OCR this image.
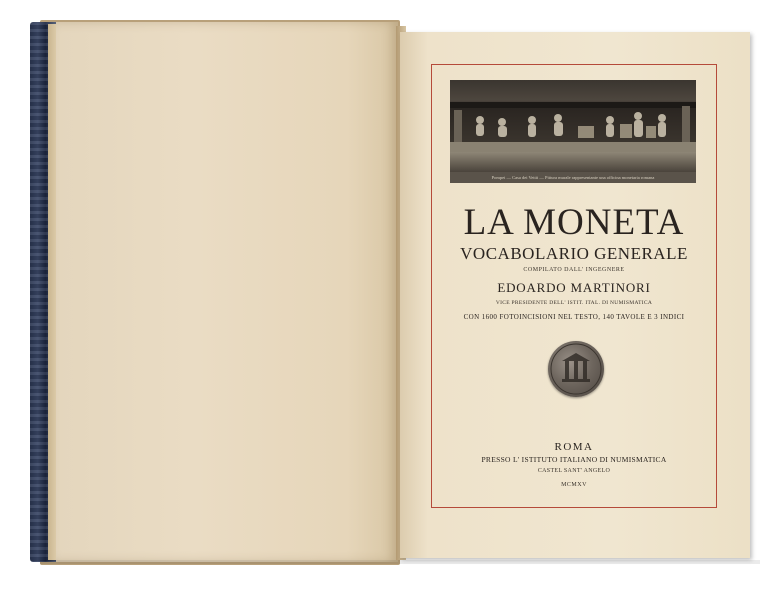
Pompei — Casa dei Vettii — Pittura murale rappresentante una officina monetaria romana
LA MONETA
VOCABOLARIO GENERALE
COMPILATO DALL' INGEGNERE
EDOARDO MARTINORI
VICE PRESIDENTE DELL' ISTIT. ITAL. DI NUMISMATICA
CON 1600 FOTOINCISIONI NEL TESTO, 140 TAVOLE E 3 INDICI
ROMA
PRESSO L' ISTITUTO ITALIANO DI NUMISMATICA
CASTEL SANT' ANGELO
MCMXV
